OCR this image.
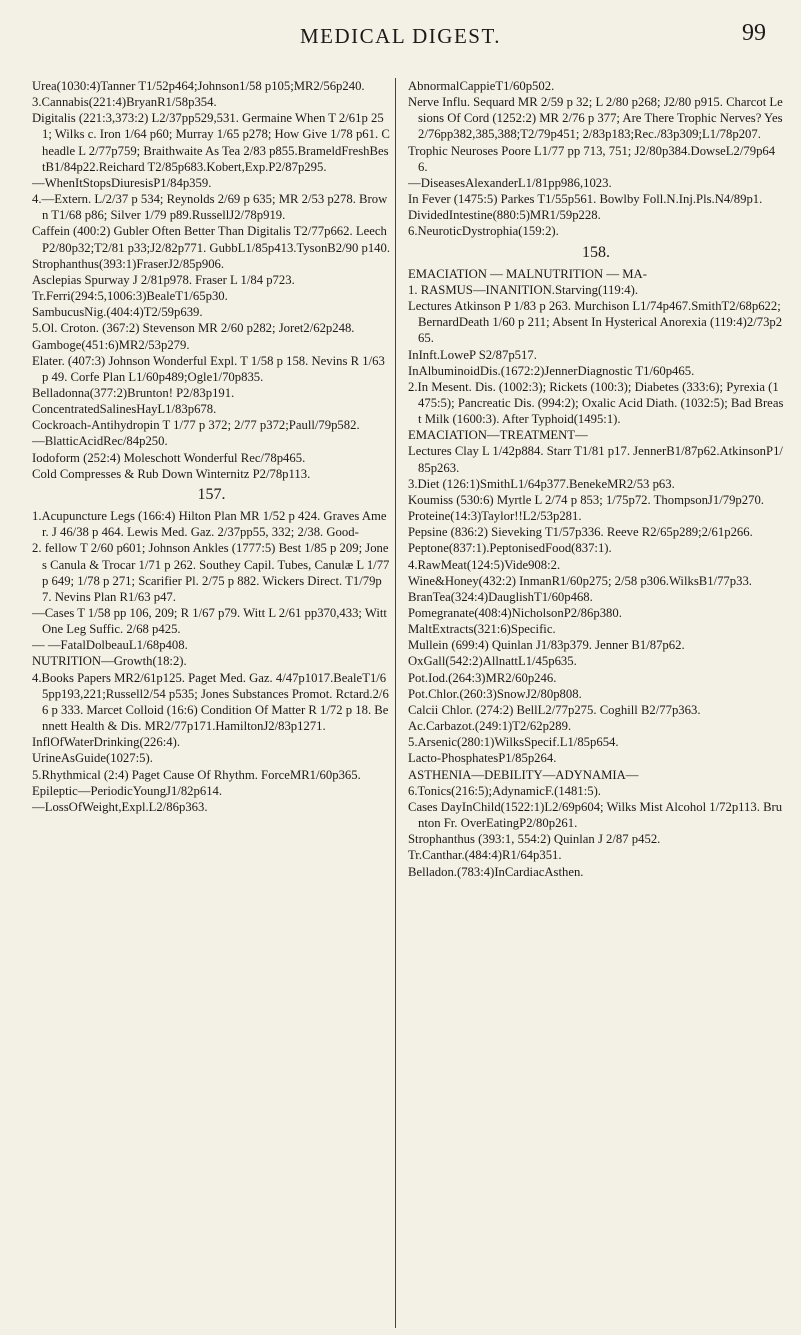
MEDICAL DIGEST.	99

Urea(1030:4)Tanner T1/52p464;Johnson1/58 p105;MR2/56p240.

3.Cannabis(221:4)BryanR1/58p354.

Digitalis (221:3,373:2) L2/37pp529,531. Germaine When T 2/61p 251; Wilks c. Iron 1/64 p60; Murray 1/65 p278; How Give 1/78 p61. Cheadle L 2/77p759; Braithwaite As Tea 2/83 p855.BrameldFreshBestB1/84p22.Reichard T2/85p683.Kobert,Exp.P2/87p295.

—WhenItStopsDiuresisP1/84p359.

4.—Extern. L/2/37 p 534; Reynolds 2/69 p 635; MR 2/53 p278. Brown T1/68 p86; Silver 1/79 p89.RussellJ2/78p919.

Caffein (400:2) Gubler Often Better Than Digitalis T2/77p662. LeechP2/80p32;T2/81 p33;J2/82p771. GubbL1/85p413.TysonB2/90 p140.

Strophanthus(393:1)FraserJ2/85p906.

Asclepias Spurway J 2/81p978. Fraser L 1/84 p723.

Tr.Ferri(294:5,1006:3)BealeT1/65p30.

SambucusNig.(404:4)T2/59p639.

5.Ol. Croton. (367:2) Stevenson MR 2/60 p282; Joret2/62p248.

Gamboge(451:6)MR2/53p279.

Elater. (407:3) Johnson Wonderful Expl. T 1/58 p 158. Nevins R 1/63 p 49. Corfe Plan L1/60p489;Ogle1/70p835.

Belladonna(377:2)Brunton! P2/83p191.

ConcentratedSalinesHayL1/83p678.

Cockroach-Antihydropin T 1/77 p 372; 2/77 p372;Paull/79p582.

—BlatticAcidRec/84p250.

Iodoform (252:4) Moleschott Wonderful Rec/78p465.

Cold Compresses & Rub Down Winternitz P2/78p113.

157.

1.Acupuncture Legs (166:4) Hilton Plan MR 1/52 p 424. Graves Amer. J 46/38 p 464. Lewis Med. Gaz. 2/37pp55, 332; 2/38. Good-

2. fellow T 2/60 p601; Johnson Ankles (1777:5) Best 1/85 p 209; Jones Canula & Trocar 1/71 p 262. Southey Capil. Tubes, Canulæ L 1/77 p 649; 1/78 p 271; Scarifier Pl. 2/75 p 882. Wickers Direct. T1/79p7. Nevins Plan R1/63 p47.

—Cases T 1/58 pp 106, 209; R 1/67 p79. Witt L 2/61 pp370,433; Witt One Leg Suffic. 2/68 p425.

— —FatalDolbeauL1/68p408.

NUTRITION—Growth(18:2).

4.Books Papers MR2/61p125. Paget Med. Gaz. 4/47p1017.BealeT1/65pp193,221;Russell2/54 p535; Jones Substances Promot. Rctard.2/66 p 333. Marcet Colloid (16:6) Condition Of Matter R 1/72 p 18. Bennett Health & Dis. MR2/77p171.HamiltonJ2/83p1271.

InflOfWaterDrinking(226:4).

UrineAsGuide(1027:5).

5.Rhythmical (2:4) Paget Cause Of Rhythm. ForceMR1/60p365.

Epileptic—PeriodicYoungJ1/82p614.

—LossOfWeight,Expl.L2/86p363.

AbnormalCappieT1/60p502.

Nerve Influ. Sequard MR 2/59 p 32; L 2/80 p268; J2/80 p915. Charcot Lesions Of Cord (1252:2) MR 2/76 p 377; Are There Trophic Nerves? Yes 2/76pp382,385,388;T2/79p451; 2/83p183;Rec./83p309;L1/78p207.

Trophic Neuroses Poore L1/77 pp 713, 751; J2/80p384.DowseL2/79p646.

—DiseasesAlexanderL1/81pp986,1023.

In Fever (1475:5) Parkes T1/55p561. Bowlby Foll.N.Inj.Pls.N4/89p1.

DividedIntestine(880:5)MR1/59p228.

6.NeuroticDystrophia(159:2).

158.

EMACIATION — MALNUTRITION — MA-

1. RASMUS—INANITION.Starving(119:4).

Lectures Atkinson P 1/83 p 263. Murchison L1/74p467.SmithT2/68p622;BernardDeath 1/60 p 211; Absent In Hysterical Anorexia (119:4)2/73p265.

InInft.LoweP S2/87p517.

InAlbuminoidDis.(1672:2)JennerDiagnostic T1/60p465.

2.In Mesent. Dis. (1002:3); Rickets (100:3); Diabetes (333:6); Pyrexia (1475:5); Pancreatic Dis. (994:2); Oxalic Acid Diath. (1032:5); Bad Breast Milk (1600:3). After Typhoid(1495:1).

EMACIATION—TREATMENT—

Lectures Clay L 1/42p884. Starr T1/81 p17. JennerB1/87p62.AtkinsonP1/85p263.

3.Diet (126:1)SmithL1/64p377.BenekeMR2/53 p63.

Koumiss (530:6) Myrtle L 2/74 p 853; 1/75p72. ThompsonJ1/79p270.

Proteine(14:3)Taylor!!L2/53p281.

Pepsine (836:2) Sieveking T1/57p336. Reeve R2/65p289;2/61p266.

Peptone(837:1).PeptonisedFood(837:1).

4.RawMeat(124:5)Vide908:2.

Wine&Honey(432:2) InmanR1/60p275; 2/58 p306.WilksB1/77p33.

BranTea(324:4)DauglishT1/60p468.

Pomegranate(408:4)NicholsonP2/86p380.

MaltExtracts(321:6)Specific.

Mullein (699:4) Quinlan J1/83p379. Jenner B1/87p62.

OxGall(542:2)AllnattL1/45p635.

Pot.Iod.(264:3)MR2/60p246.

Pot.Chlor.(260:3)SnowJ2/80p808.

Calcii Chlor. (274:2) BellL2/77p275. Coghill B2/77p363.

Ac.Carbazot.(249:1)T2/62p289.

5.Arsenic(280:1)WilksSpecif.L1/85p654.

Lacto-PhosphatesP1/85p264.

ASTHENIA—DEBILITY—ADYNAMIA—

6.Tonics(216:5);AdynamicF.(1481:5).

Cases DayInChild(1522:1)L2/69p604; Wilks Mist Alcohol 1/72p113. Brunton Fr. OverEatingP2/80p261.

Strophanthus (393:1, 554:2) Quinlan J 2/87 p452.

Tr.Canthar.(484:4)R1/64p351.

Belladon.(783:4)InCardiacAsthen.
